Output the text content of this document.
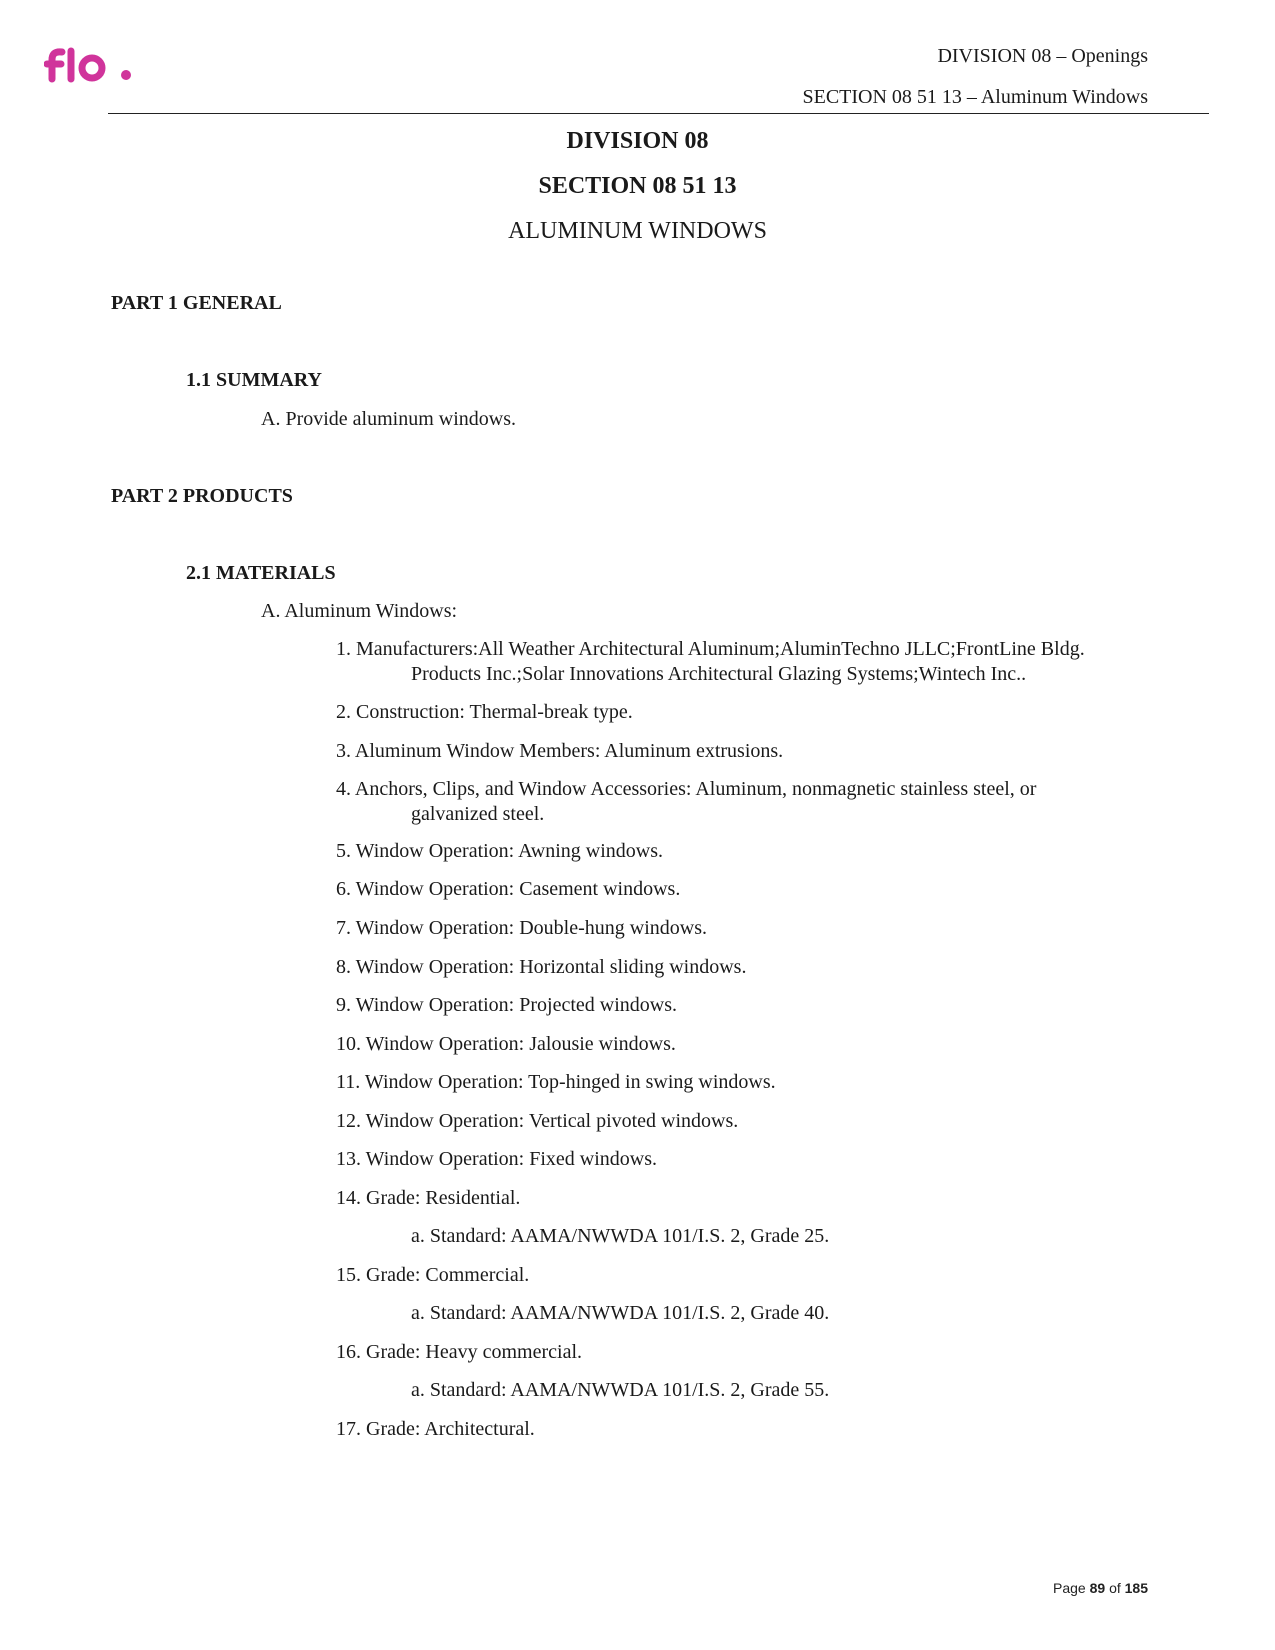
DIVISION 08 – Openings
SECTION 08 51 13 – Aluminum Windows
DIVISION 08
SECTION 08 51 13
ALUMINUM WINDOWS
PART 1 GENERAL
1.1 SUMMARY
A. Provide aluminum windows.
PART 2 PRODUCTS
2.1 MATERIALS
A. Aluminum Windows:
1. Manufacturers:All Weather Architectural Aluminum;AluminTechno JLLC;FrontLine Bldg.
Products Inc.;Solar Innovations Architectural Glazing Systems;Wintech Inc..
2. Construction: Thermal-break type.
3. Aluminum Window Members: Aluminum extrusions.
4. Anchors, Clips, and Window Accessories: Aluminum, nonmagnetic stainless steel, or
galvanized steel.
5. Window Operation: Awning windows.
6. Window Operation: Casement windows.
7. Window Operation: Double-hung windows.
8. Window Operation: Horizontal sliding windows.
9. Window Operation: Projected windows.
10. Window Operation: Jalousie windows.
11. Window Operation: Top-hinged in swing windows.
12. Window Operation: Vertical pivoted windows.
13. Window Operation: Fixed windows.
14. Grade: Residential.
a. Standard: AAMA/NWWDA 101/I.S. 2, Grade 25.
15. Grade: Commercial.
a. Standard: AAMA/NWWDA 101/I.S. 2, Grade 40.
16. Grade: Heavy commercial.
a. Standard: AAMA/NWWDA 101/I.S. 2, Grade 55.
17. Grade: Architectural.
Page 89 of 185
